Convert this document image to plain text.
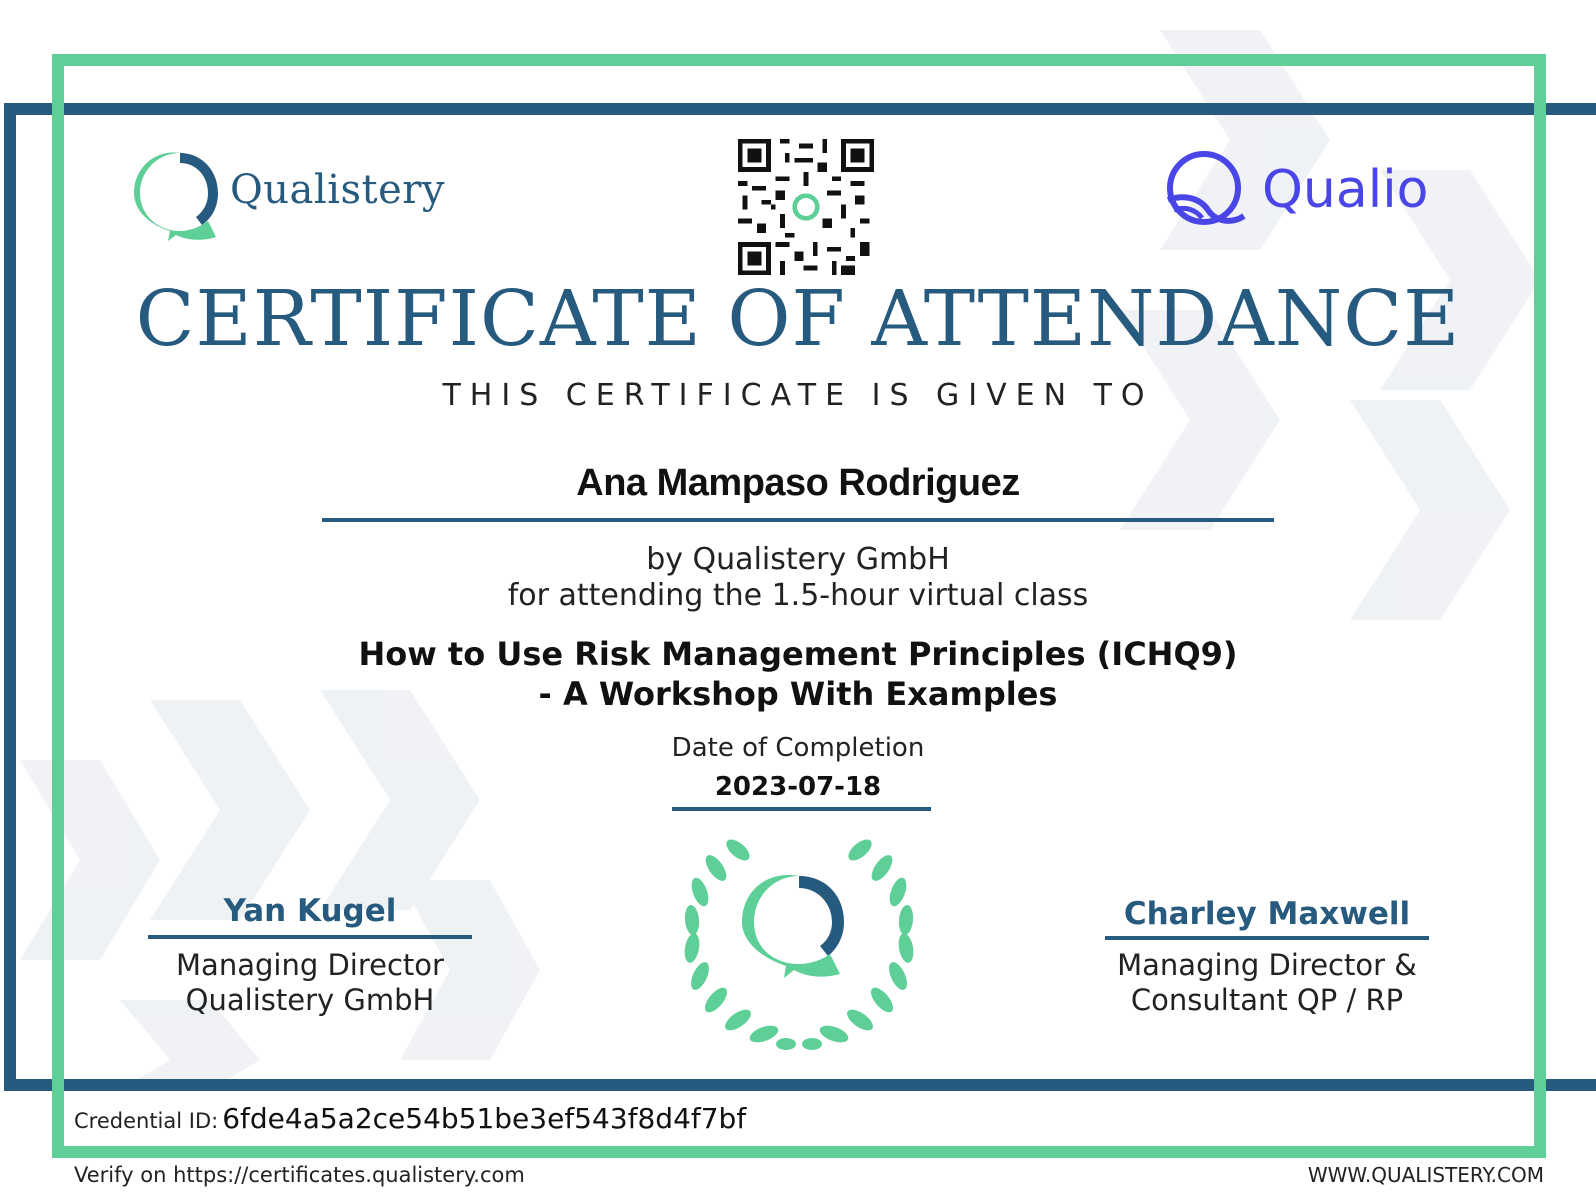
Qualistery	Qualio
CERTIFICATE OF ATTENDANCE
THIS CERTIFICATE IS GIVEN TO
Ana Mampaso Rodriguez
by Qualistery GmbH
for attending the 1.5-hour virtual class
How to Use Risk Management Principles (ICHQ9)
- A Workshop With Examples
Date of Completion
2023-07-18
Yan Kugel
Managing Director
Qualistery GmbH
Charley Maxwell
Managing Director &
Consultant QP / RP
Credential ID: 6fde4a5a2ce54b51be3ef543f8d4f7bf
Verify on https://certificates.qualistery.com	WWW.QUALISTERY.COM
